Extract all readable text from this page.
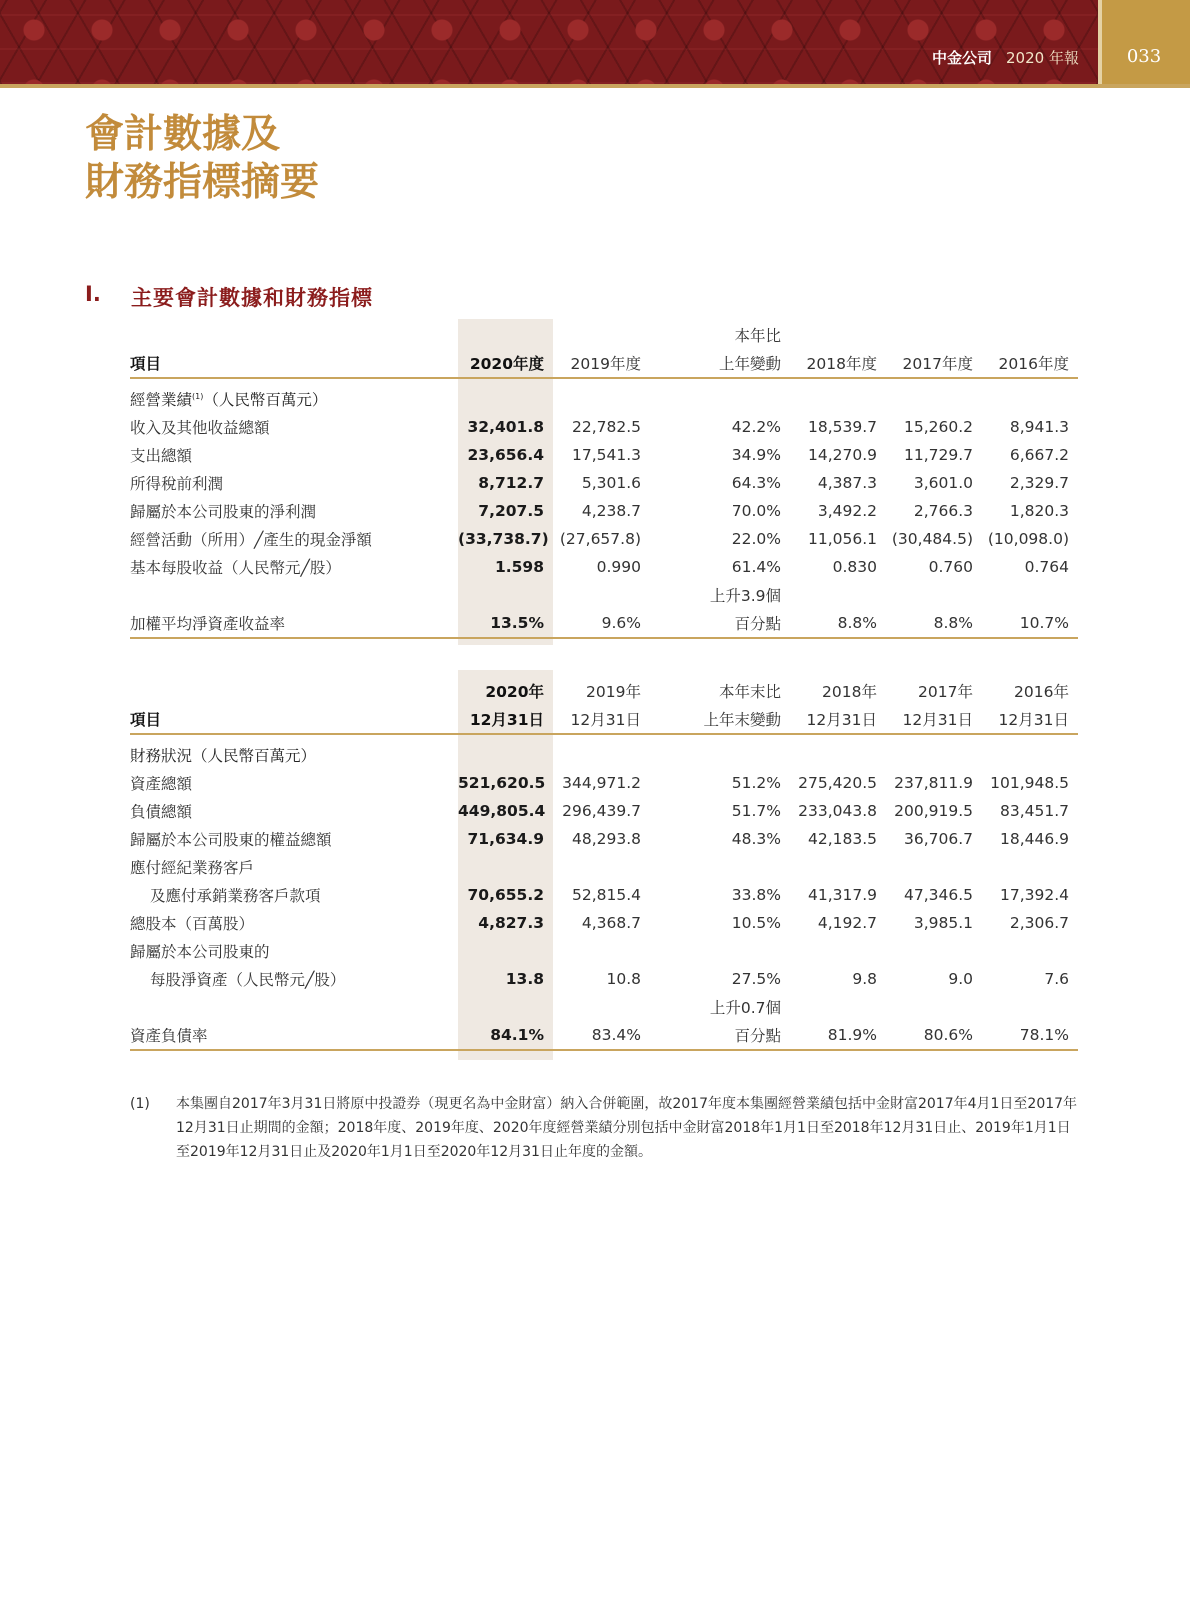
中金公司 2020 年報	033
會計數據及
財務指標摘要
I. 主要會計數據和財務指標
			本年比			
項目	2020年度	2019年度	上年變動	2018年度	2017年度	2016年度

經營業績$^{(1)}$（人民幣百萬元）						
收入及其他收益總額	32,401.8	22,782.5	42.2%	18,539.7	15,260.2	8,941.3
支出總額	23,656.4	17,541.3	34.9%	14,270.9	11,729.7	6,667.2
所得稅前利潤	8,712.7	5,301.6	64.3%	4,387.3	3,601.0	2,329.7
歸屬於本公司股東的淨利潤	7,207.5	4,238.7	70.0%	3,492.2	2,766.3	1,820.3
經營活動（所用）╱產生的現金淨額	(33,738.7)	(27,657.8)	22.0%	11,056.1	(30,484.5)	(10,098.0)
基本每股收益（人民幣元╱股）	1.598	0.990	61.4%	0.830	0.760	0.764
			上升3.9個			
加權平均淨資產收益率	13.5%	9.6%	百分點	8.8%	8.8%	10.7%
	2020年	2019年	本年末比	2018年	2017年	2016年
項目	12月31日	12月31日	上年末變動	12月31日	12月31日	12月31日

財務狀況（人民幣百萬元）						
資產總額	521,620.5	344,971.2	51.2%	275,420.5	237,811.9	101,948.5
負債總額	449,805.4	296,439.7	51.7%	233,043.8	200,919.5	83,451.7
歸屬於本公司股東的權益總額	71,634.9	48,293.8	48.3%	42,183.5	36,706.7	18,446.9
應付經紀業務客戶						
及應付承銷業務客戶款項	70,655.2	52,815.4	33.8%	41,317.9	47,346.5	17,392.4
總股本（百萬股）	4,827.3	4,368.7	10.5%	4,192.7	3,985.1	2,306.7
歸屬於本公司股東的						
每股淨資產（人民幣元╱股）	13.8	10.8	27.5%	9.8	9.0	7.6
			上升0.7個			
資產負債率	84.1%	83.4%	百分點	81.9%	80.6%	78.1%
(1) 本集團自2017年3月31日將原中投證券（現更名為中金財富）納入合併範圍，故2017年度本集團經營業績包括中金財富2017年4月1日至2017年12月31日止期間的金額；2018年度、2019年度、2020年度經營業績分別包括中金財富2018年1月1日至2018年12月31日止、2019年1月1日至2019年12月31日止及2020年1月1日至2020年12月31日止年度的金額。
